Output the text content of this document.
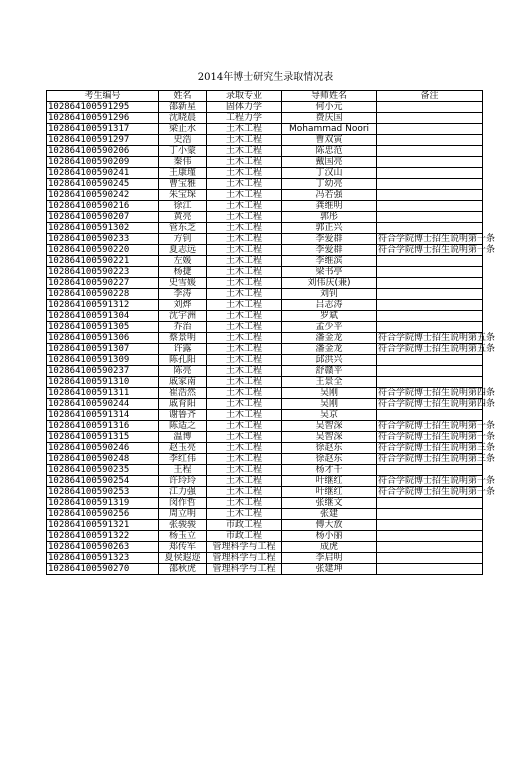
2014年博士研究生录取情况表
考生编号	姓名	录取专业	导师姓名	备注
102864100591295	邵新星	固体力学	何小元	
102864100591296	沈晓晨	工程力学	费庆国	
102864100591317	梁止水	土木工程	Mohammad Noori	
102864100591297	史浩	土木工程	曹双寅	
102864100590206	丁小蒙	土木工程	陈忠范	
102864100590209	秦伟	土木工程	戴国亮	
102864100590241	王康瑾	土木工程	丁汉山	
102864100590245	曹宝雅	土木工程	丁幼亮	
102864100590242	朱宝琛	土木工程	冯若强	
102864100590216	徐江	土木工程	龚维明	
102864100590207	黄亮	土木工程	郭彤	
102864100591302	管东芝	土木工程	郭正兴	
102864100590233	方钊	土木工程	李爱群	符合学院博士招生说明第一条
102864100590220	夏志远	土木工程	李爱群	符合学院博士招生说明第一条
102864100590221	左媛	土木工程	李维滨	
102864100590223	杨捷	土木工程	梁书亭	
102864100590227	史雪媛	土木工程	刘伟庆(兼)	
102864100590228	李涛	土木工程	刘钊	
102864100591312	刘烨	土木工程	吕志涛	
102864100591304	沈宇洲	土木工程	罗斌	
102864100591305	乔治	土木工程	孟少平	
102864100591306	蔡景明	土木工程	潘金龙	符合学院博士招生说明第五条
102864100591307	许露	土木工程	潘金龙	符合学院博士招生说明第五条
102864100591309	陈孔阳	土木工程	邱洪兴	
102864100590237	陈亮	土木工程	舒赣平	
102864100591310	戚家南	土木工程	王景全	
102864100591311	崔浩然	土木工程	吴刚	符合学院博士招生说明第四条
102864100590244	戚育阳	土木工程	吴刚	符合学院博士招生说明第四条
102864100591314	谢鲁齐	土木工程	吴京	
102864100591316	陈适之	土木工程	吴智深	符合学院博士招生说明第一条
102864100591315	温博	土木工程	吴智深	符合学院博士招生说明第一条
102864100590246	赵玉亮	土木工程	徐赵东	符合学院博士招生说明第三条
102864100590248	李红伟	土木工程	徐赵东	符合学院博士招生说明第三条
102864100590235	王程	土木工程	杨才千	
102864100590254	许玲玲	土木工程	叶继红	符合学院博士招生说明第一条
102864100590253	江力强	土木工程	叶继红	符合学院博士招生说明第一条
102864100591319	闵作哲	土木工程	张继文	
102864100590256	周立明	土木工程	张建	
102864100591321	张骏骏	市政工程	傅大放	
102864100591322	杨玉立	市政工程	杨小丽	
102864100590263	郑传军	管理科学与工程	成虎	
102864100591323	夏侯遐迩	管理科学与工程	李启明	
102864100590270	邵秋虎	管理科学与工程	张建坤	
